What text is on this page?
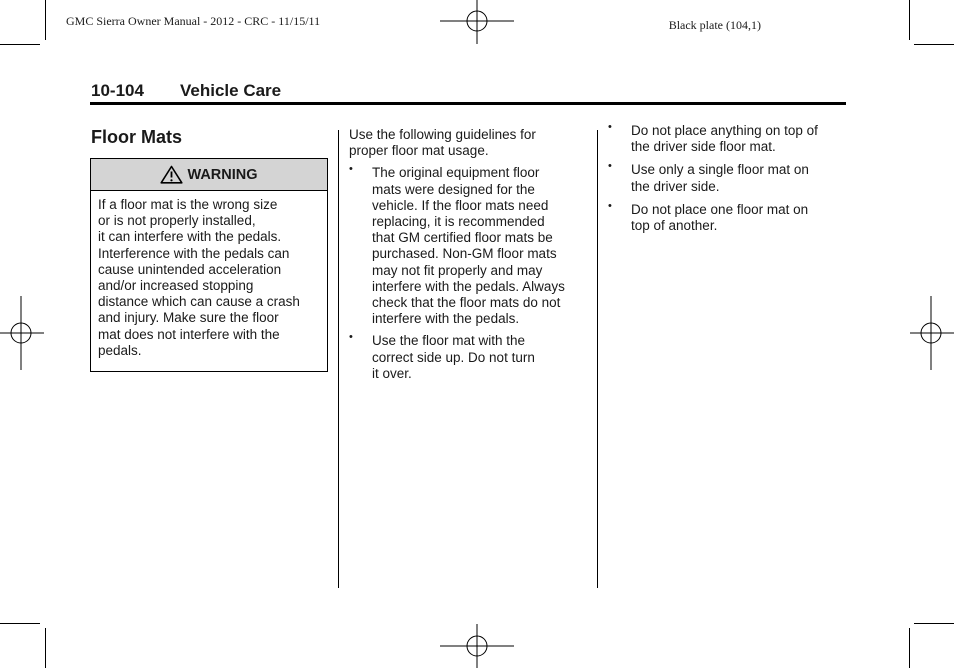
GMC Sierra Owner Manual - 2012 - CRC - 11/15/11	Black plate (104,1)
10-104 Vehicle Care
Floor Mats
WARNING

If a floor mat is the wrong size
or is not properly installed,
it can interfere with the pedals.
Interference with the pedals can
cause unintended acceleration
and/or increased stopping
distance which can cause a crash
and injury. Make sure the floor
mat does not interfere with the
pedals.

Use the following guidelines for
proper floor mat usage.

• The original equipment floor
mats were designed for the
vehicle. If the floor mats need
replacing, it is recommended
that GM certified floor mats be
purchased. Non-GM floor mats
may not fit properly and may
interfere with the pedals. Always
check that the floor mats do not
interfere with the pedals.
• Use the floor mat with the
correct side up. Do not turn
it over.
• Do not place anything on top of
the driver side floor mat.
• Use only a single floor mat on
the driver side.
• Do not place one floor mat on
top of another.
